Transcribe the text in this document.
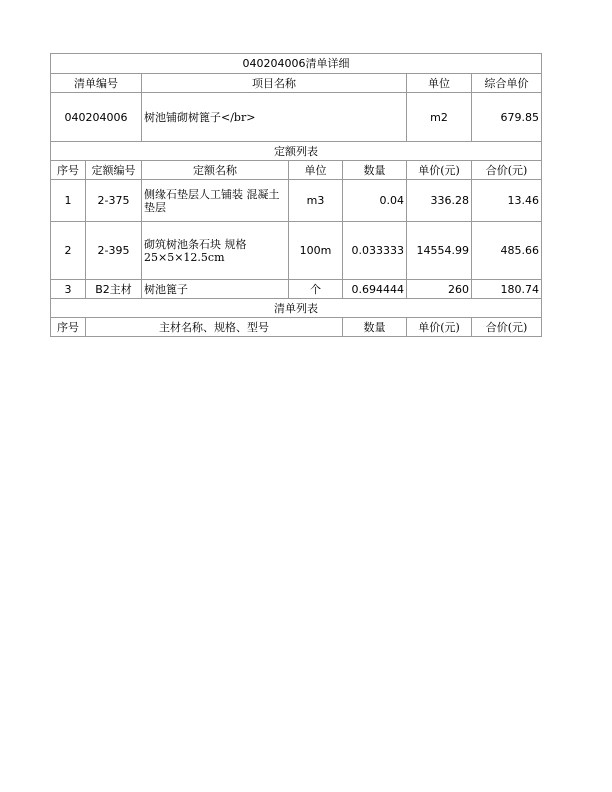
040204006清单详细						
清单编号		项目名称			单位	综合单价
040204006		树池铺砌树篦子</br>			m2	679.85
定额列表						
序号	定额编号	定额名称	单位	数量	单价(元)	合价(元)
1	2-375	侧缘石垫层人工铺装 混凝土垫层	m3	0.04	336.28	13.46
2	2-395	砌筑树池条石块 规格25×5×12.5cm	100m	0.033333	14554.99	485.66
3	B2主材	树池篦子	个	0.694444	260	180.74
清单列表						
序号	主材名称、规格、型号			数量	单价(元)	合价(元)
